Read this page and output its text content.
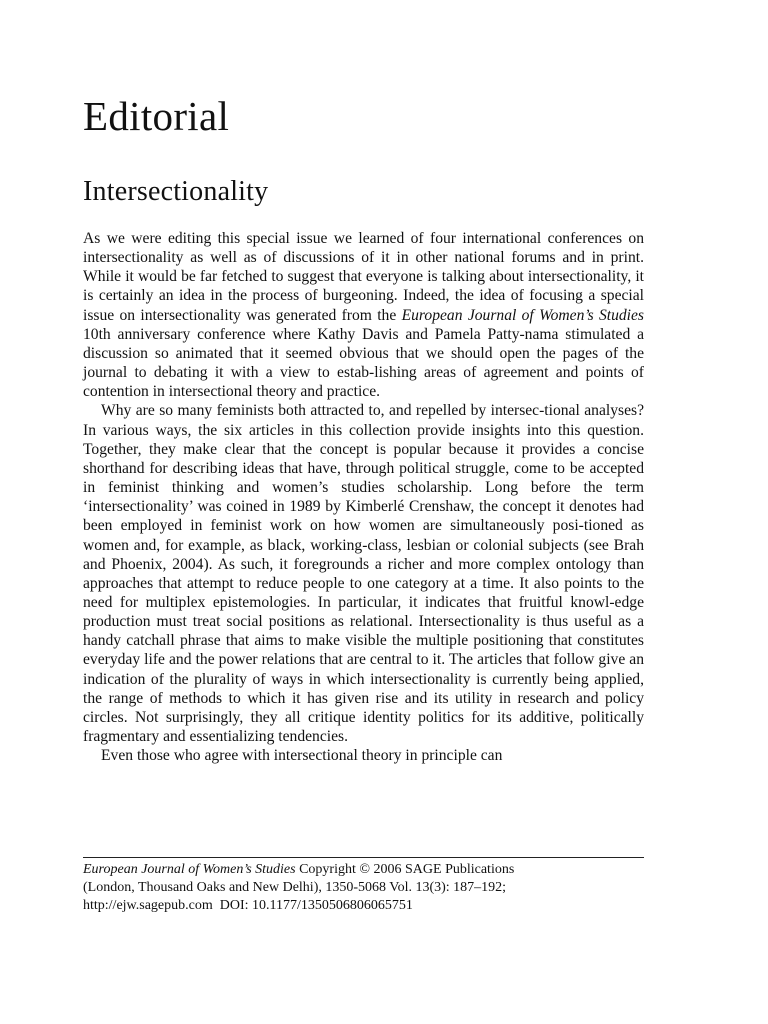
Editorial
Intersectionality

As we were editing this special issue we learned of four international conferences on intersectionality as well as of discussions of it in other national forums and in print. While it would be far fetched to suggest that everyone is talking about intersectionality, it is certainly an idea in the process of burgeoning. Indeed, the idea of focusing a special issue on intersectionality was generated from the European Journal of Women’s Studies 10th anniversary conference where Kathy Davis and Pamela Patty-nama stimulated a discussion so animated that it seemed obvious that we should open the pages of the journal to debating it with a view to estab-lishing areas of agreement and points of contention in intersectional theory and practice.

Why are so many feminists both attracted to, and repelled by intersec-tional analyses? In various ways, the six articles in this collection provide insights into this question. Together, they make clear that the concept is popular because it provides a concise shorthand for describing ideas that have, through political struggle, come to be accepted in feminist thinking and women’s studies scholarship. Long before the term ‘intersectionality’ was coined in 1989 by Kimberlé Crenshaw, the concept it denotes had been employed in feminist work on how women are simultaneously posi-tioned as women and, for example, as black, working-class, lesbian or colonial subjects (see Brah and Phoenix, 2004). As such, it foregrounds a richer and more complex ontology than approaches that attempt to reduce people to one category at a time. It also points to the need for multiplex epistemologies. In particular, it indicates that fruitful knowl-edge production must treat social positions as relational. Intersectionality is thus useful as a handy catchall phrase that aims to make visible the multiple positioning that constitutes everyday life and the power relations that are central to it. The articles that follow give an indication of the plurality of ways in which intersectionality is currently being applied, the range of methods to which it has given rise and its utility in research and policy circles. Not surprisingly, they all critique identity politics for its additive, politically fragmentary and essentializing tendencies.

Even those who agree with intersectional theory in principle can

European Journal of Women’s Studies Copyright © 2006 SAGE Publications
(London, Thousand Oaks and New Delhi), 1350-5068 Vol. 13(3): 187–192;
http://ejw.sagepub.com  DOI: 10.1177/1350506806065751
